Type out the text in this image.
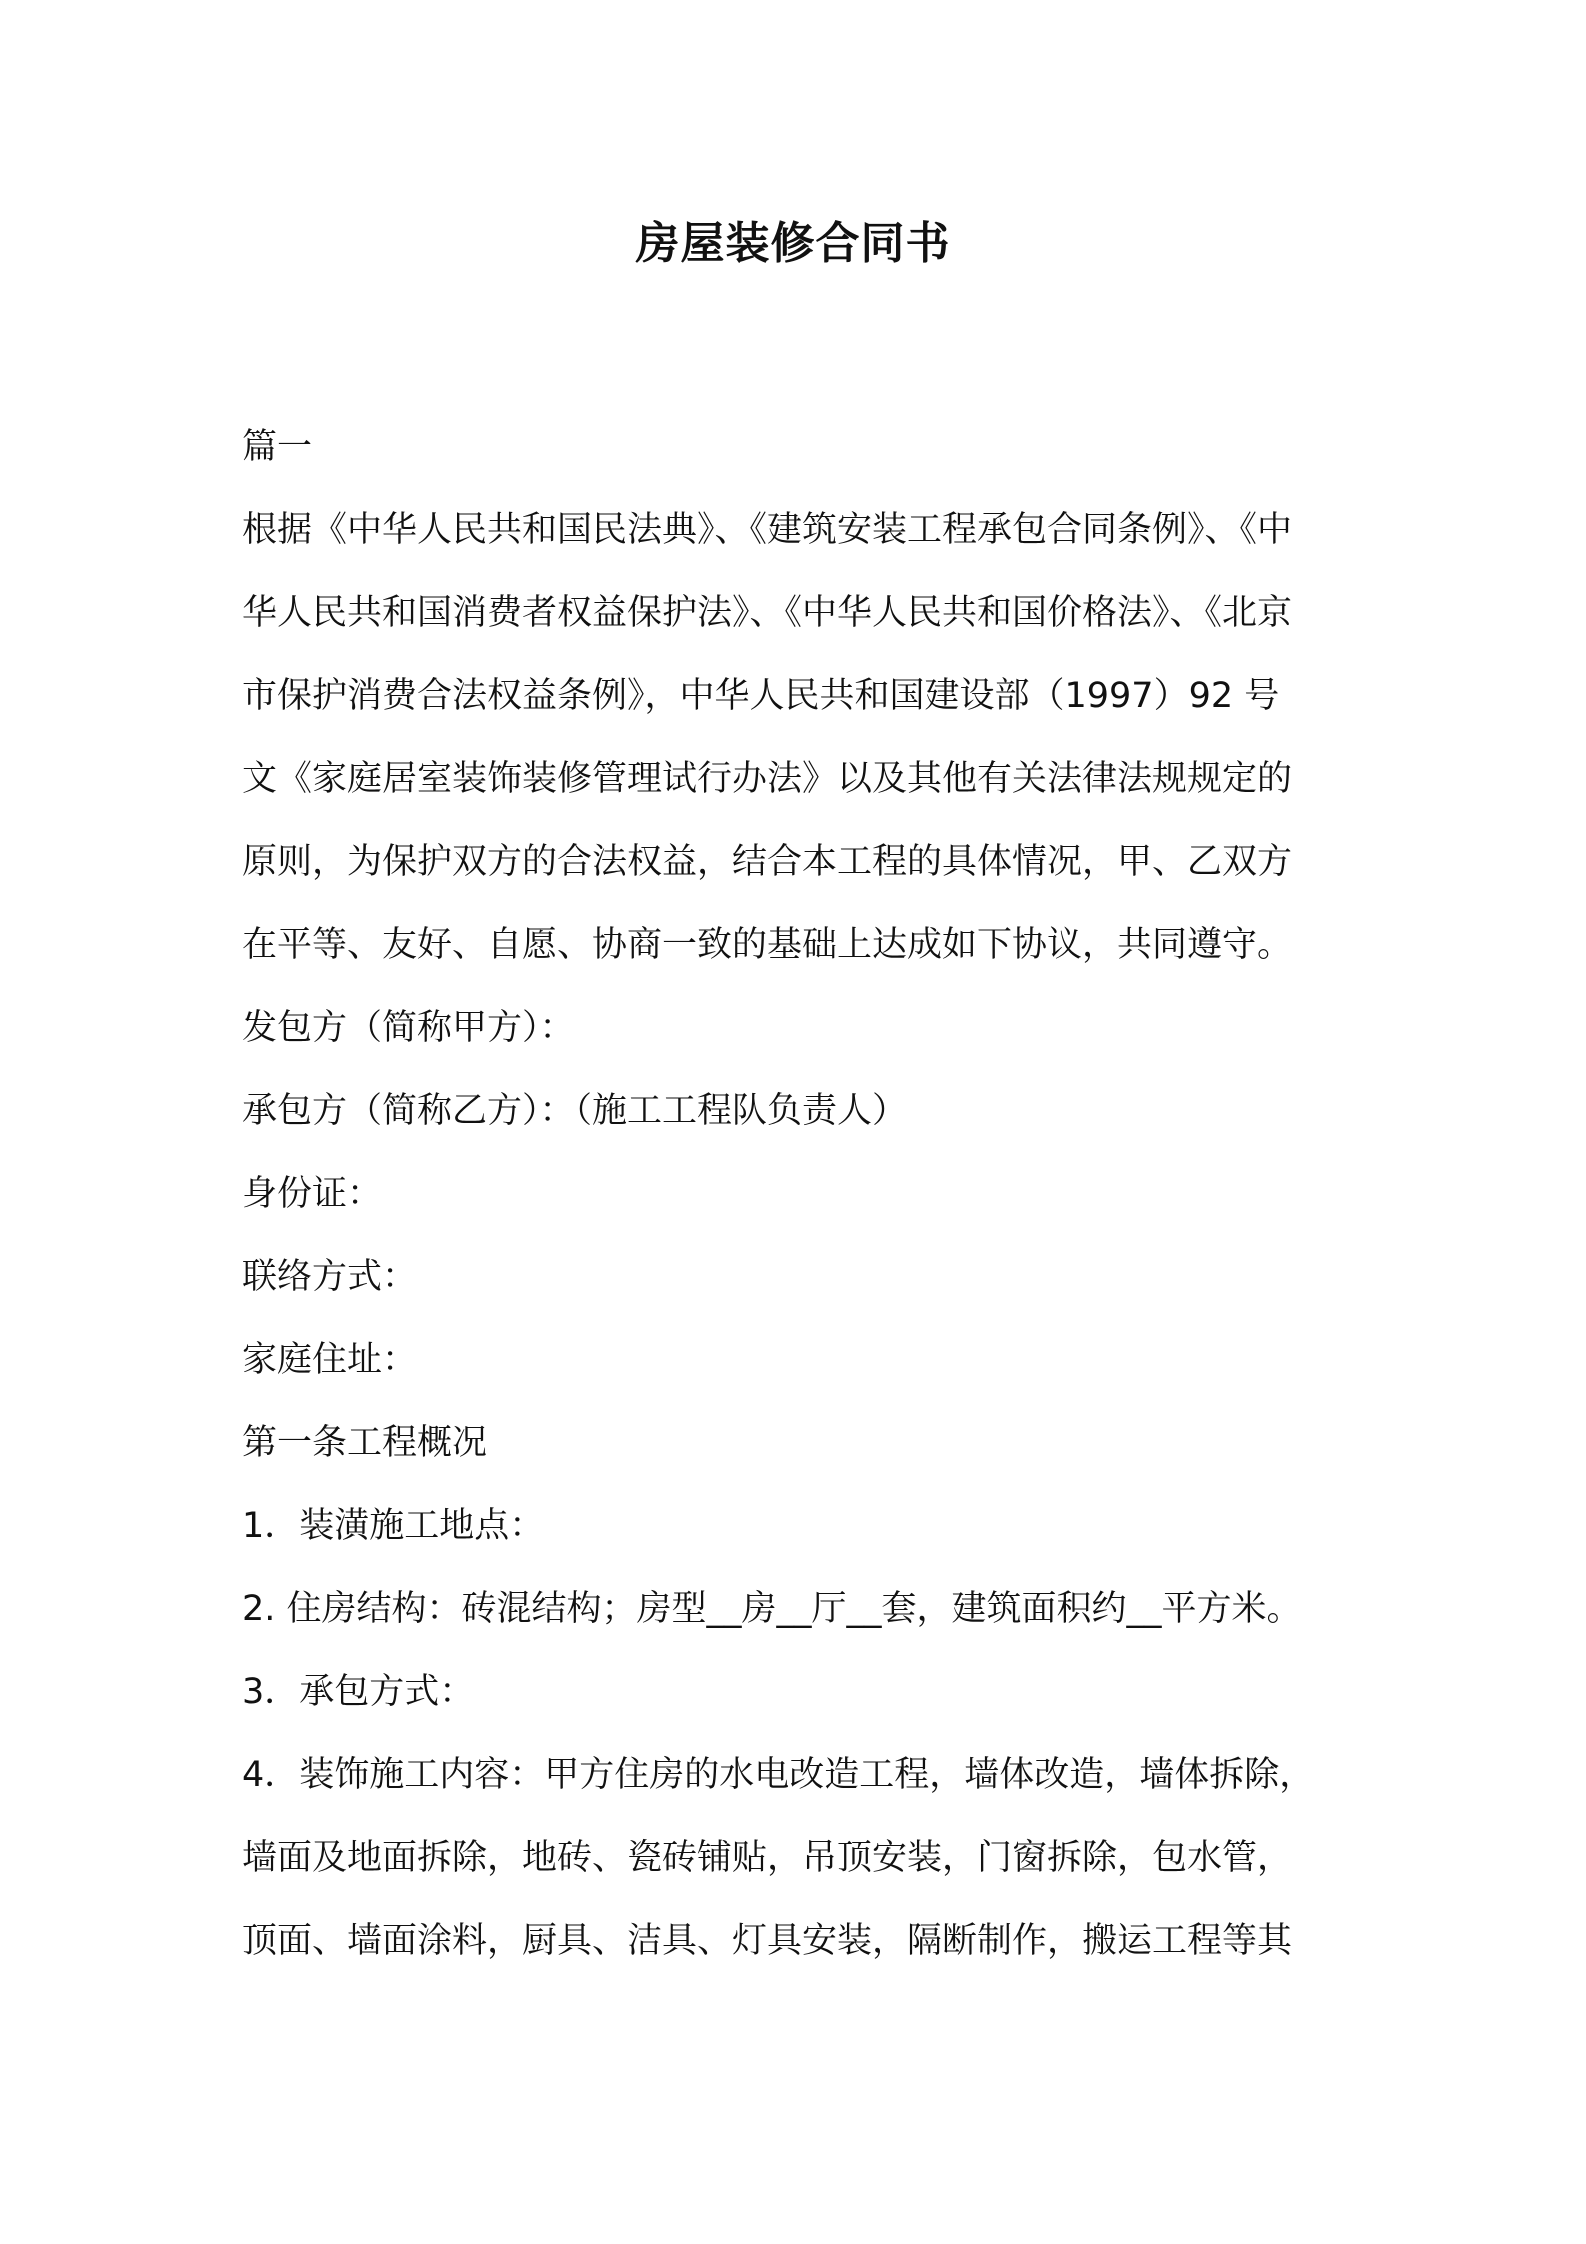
房屋装修合同书

篇一

根据《中华人民共和国民法典》、《建筑安装工程承包合同条例》、《中

华人民共和国消费者权益保护法》、《中华人民共和国价格法》、《北京

市保护消费合法权益条例》，中华人民共和国建设部（1997）92 号

文《家庭居室装饰装修管理试行办法》以及其他有关法律法规规定的

原则，为保护双方的合法权益，结合本工程的具体情况，甲、乙双方

在平等、友好、自愿、协商一致的基础上达成如下协议，共同遵守。

发包方（简称甲方）：

承包方（简称乙方）：（施工工程队负责人）

身份证：

联络方式：

家庭住址：

第一条工程概况

1．装潢施工地点：

2. 住房结构：砖混结构；房型__房__厅__套，建筑面积约__平方米。

3．承包方式：

4．装饰施工内容：甲方住房的水电改造工程，墙体改造，墙体拆除，

墙面及地面拆除，地砖、瓷砖铺贴，吊顶安装，门窗拆除，包水管，

顶面、墙面涂料，厨具、洁具、灯具安装，隔断制作，搬运工程等其
